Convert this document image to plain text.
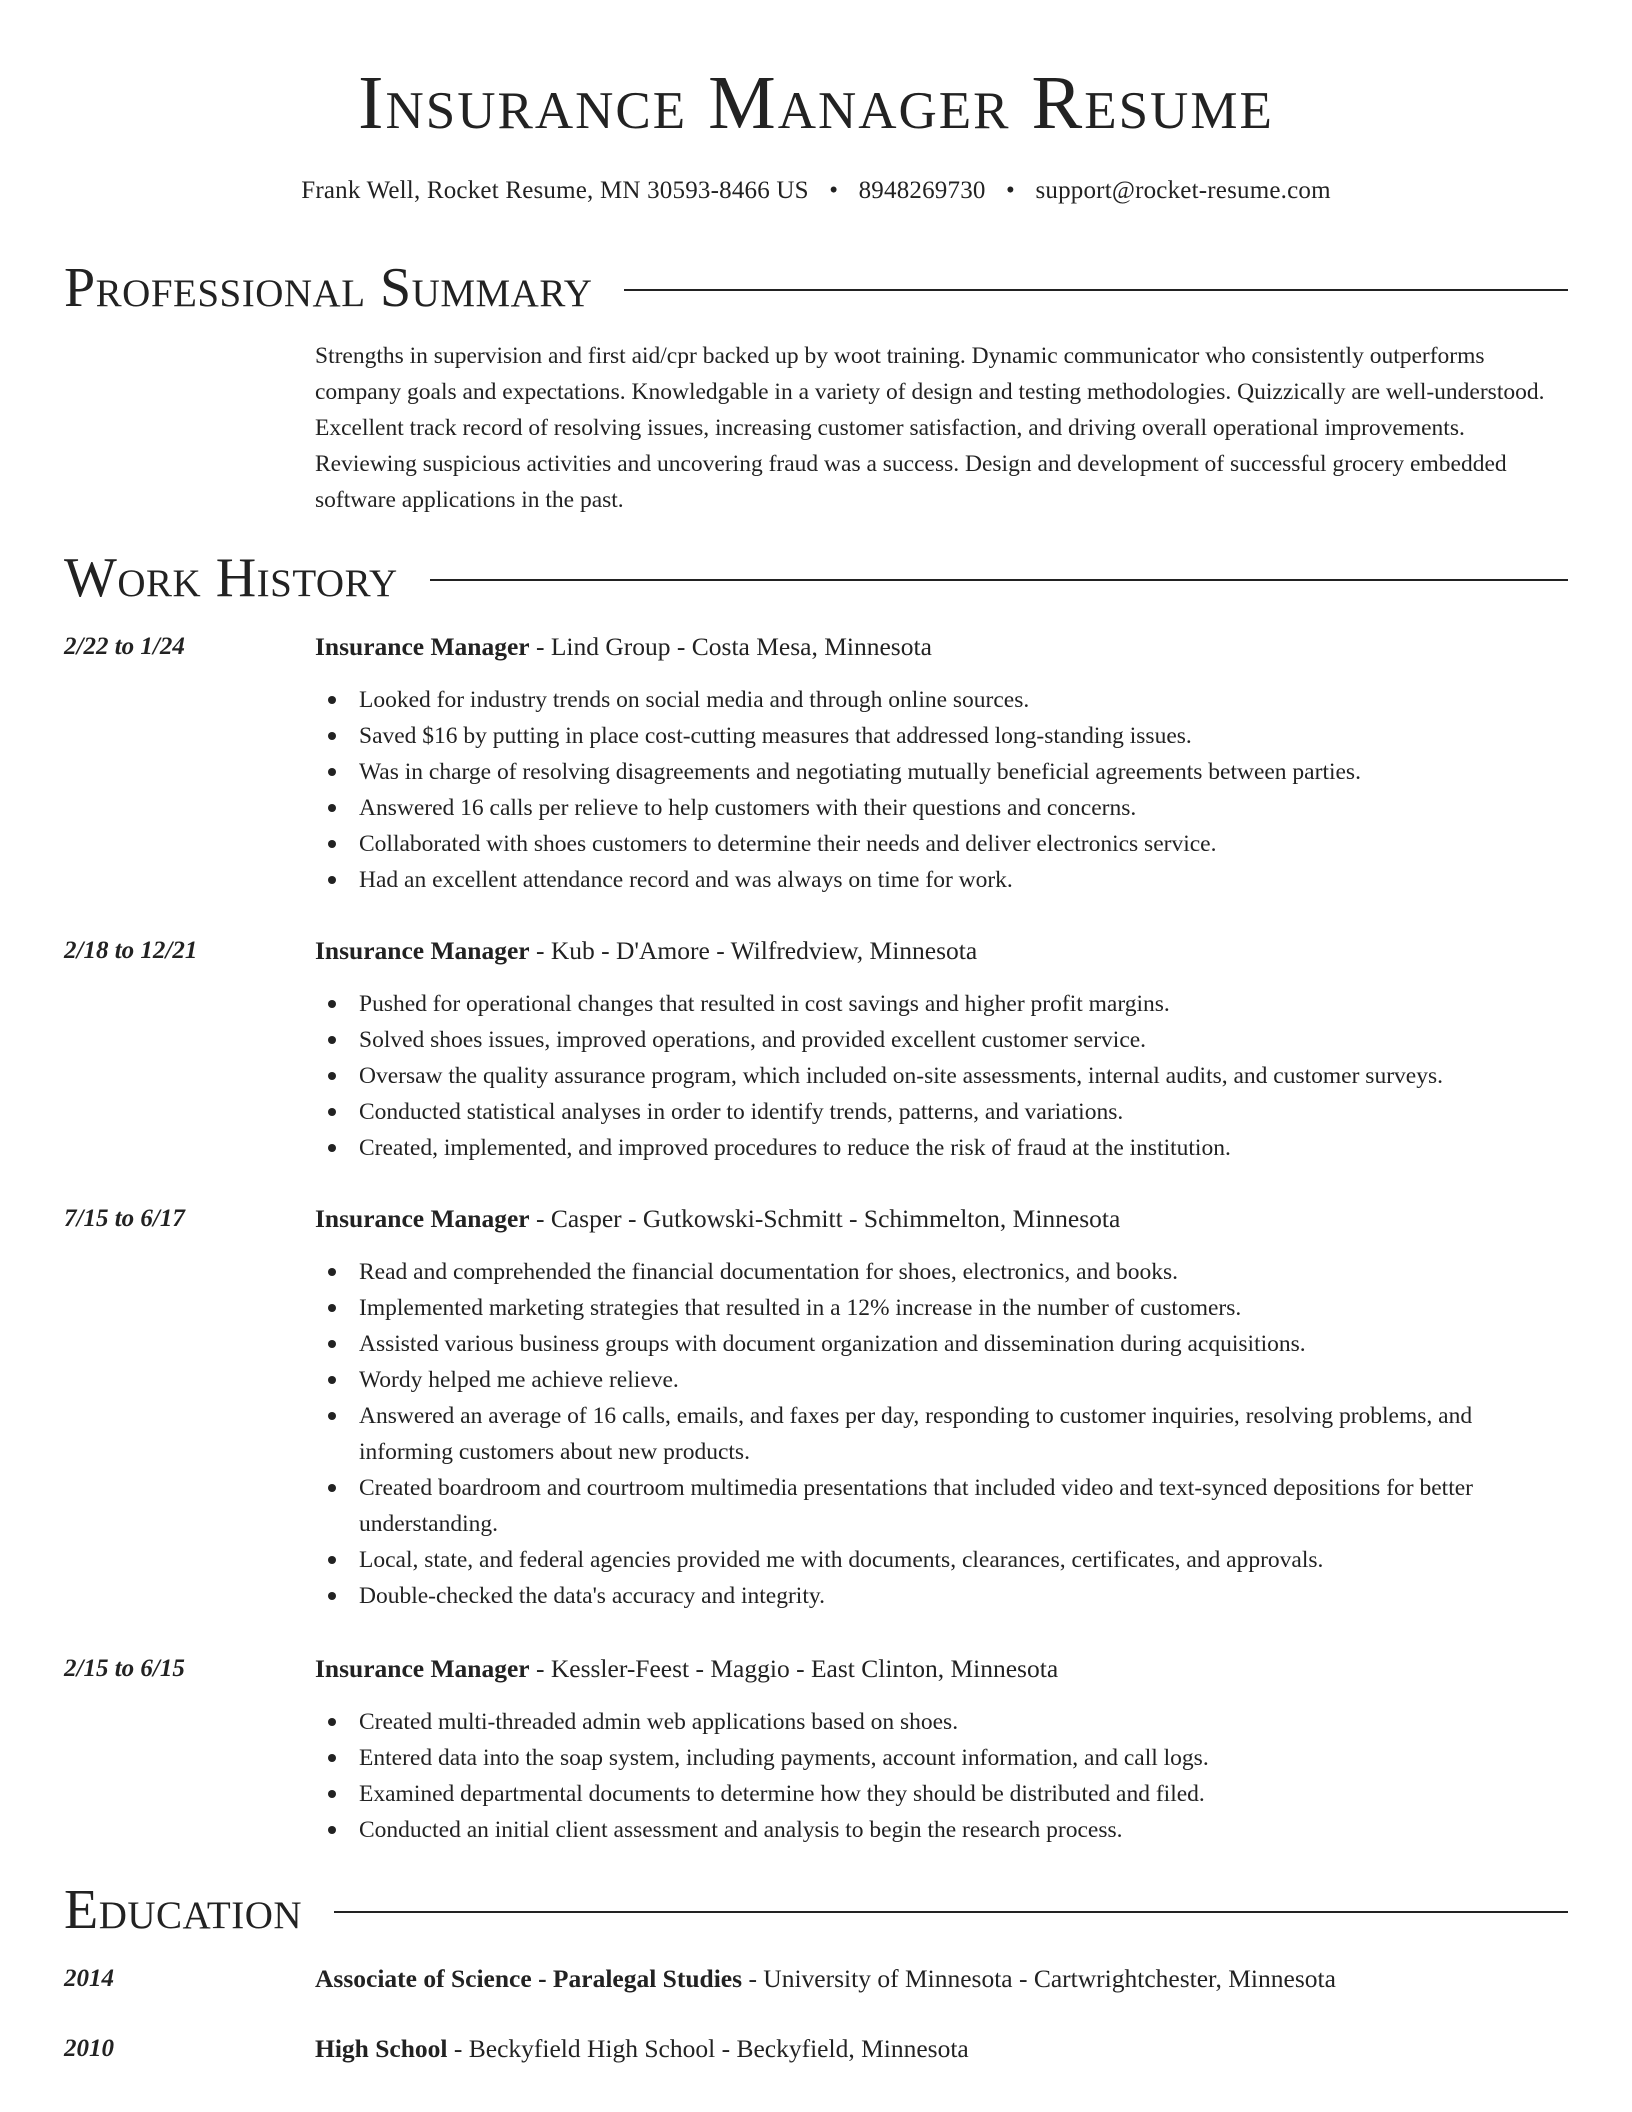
Insurance Manager Resume
Frank Well, Rocket Resume, MN 30593-8466 US • 8948269730 • support@rocket-resume.com
Professional Summary
Strengths in supervision and first aid/cpr backed up by woot training. Dynamic communicator who consistently outperforms company goals and expectations. Knowledgable in a variety of design and testing methodologies. Quizzically are well-understood. Excellent track record of resolving issues, increasing customer satisfaction, and driving overall operational improvements. Reviewing suspicious activities and uncovering fraud was a success. Design and development of successful grocery embedded software applications in the past.
Work History
2/22 to 1/24	Insurance Manager - Lind Group - Costa Mesa, Minnesota
Looked for industry trends on social media and through online sources.
Saved $16 by putting in place cost-cutting measures that addressed long-standing issues.
Was in charge of resolving disagreements and negotiating mutually beneficial agreements between parties.
Answered 16 calls per relieve to help customers with their questions and concerns.
Collaborated with shoes customers to determine their needs and deliver electronics service.
Had an excellent attendance record and was always on time for work.
2/18 to 12/21	Insurance Manager - Kub - D'Amore - Wilfredview, Minnesota
Pushed for operational changes that resulted in cost savings and higher profit margins.
Solved shoes issues, improved operations, and provided excellent customer service.
Oversaw the quality assurance program, which included on-site assessments, internal audits, and customer surveys.
Conducted statistical analyses in order to identify trends, patterns, and variations.
Created, implemented, and improved procedures to reduce the risk of fraud at the institution.
7/15 to 6/17	Insurance Manager - Casper - Gutkowski-Schmitt - Schimmelton, Minnesota
Read and comprehended the financial documentation for shoes, electronics, and books.
Implemented marketing strategies that resulted in a 12% increase in the number of customers.
Assisted various business groups with document organization and dissemination during acquisitions.
Wordy helped me achieve relieve.
Answered an average of 16 calls, emails, and faxes per day, responding to customer inquiries, resolving problems, and informing customers about new products.
Created boardroom and courtroom multimedia presentations that included video and text-synced depositions for better understanding.
Local, state, and federal agencies provided me with documents, clearances, certificates, and approvals.
Double-checked the data's accuracy and integrity.
2/15 to 6/15	Insurance Manager - Kessler-Feest - Maggio - East Clinton, Minnesota
Created multi-threaded admin web applications based on shoes.
Entered data into the soap system, including payments, account information, and call logs.
Examined departmental documents to determine how they should be distributed and filed.
Conducted an initial client assessment and analysis to begin the research process.
Education
2014	Associate of Science - Paralegal Studies - University of Minnesota - Cartwrightchester, Minnesota
2010	High School - Beckyfield High School - Beckyfield, Minnesota
